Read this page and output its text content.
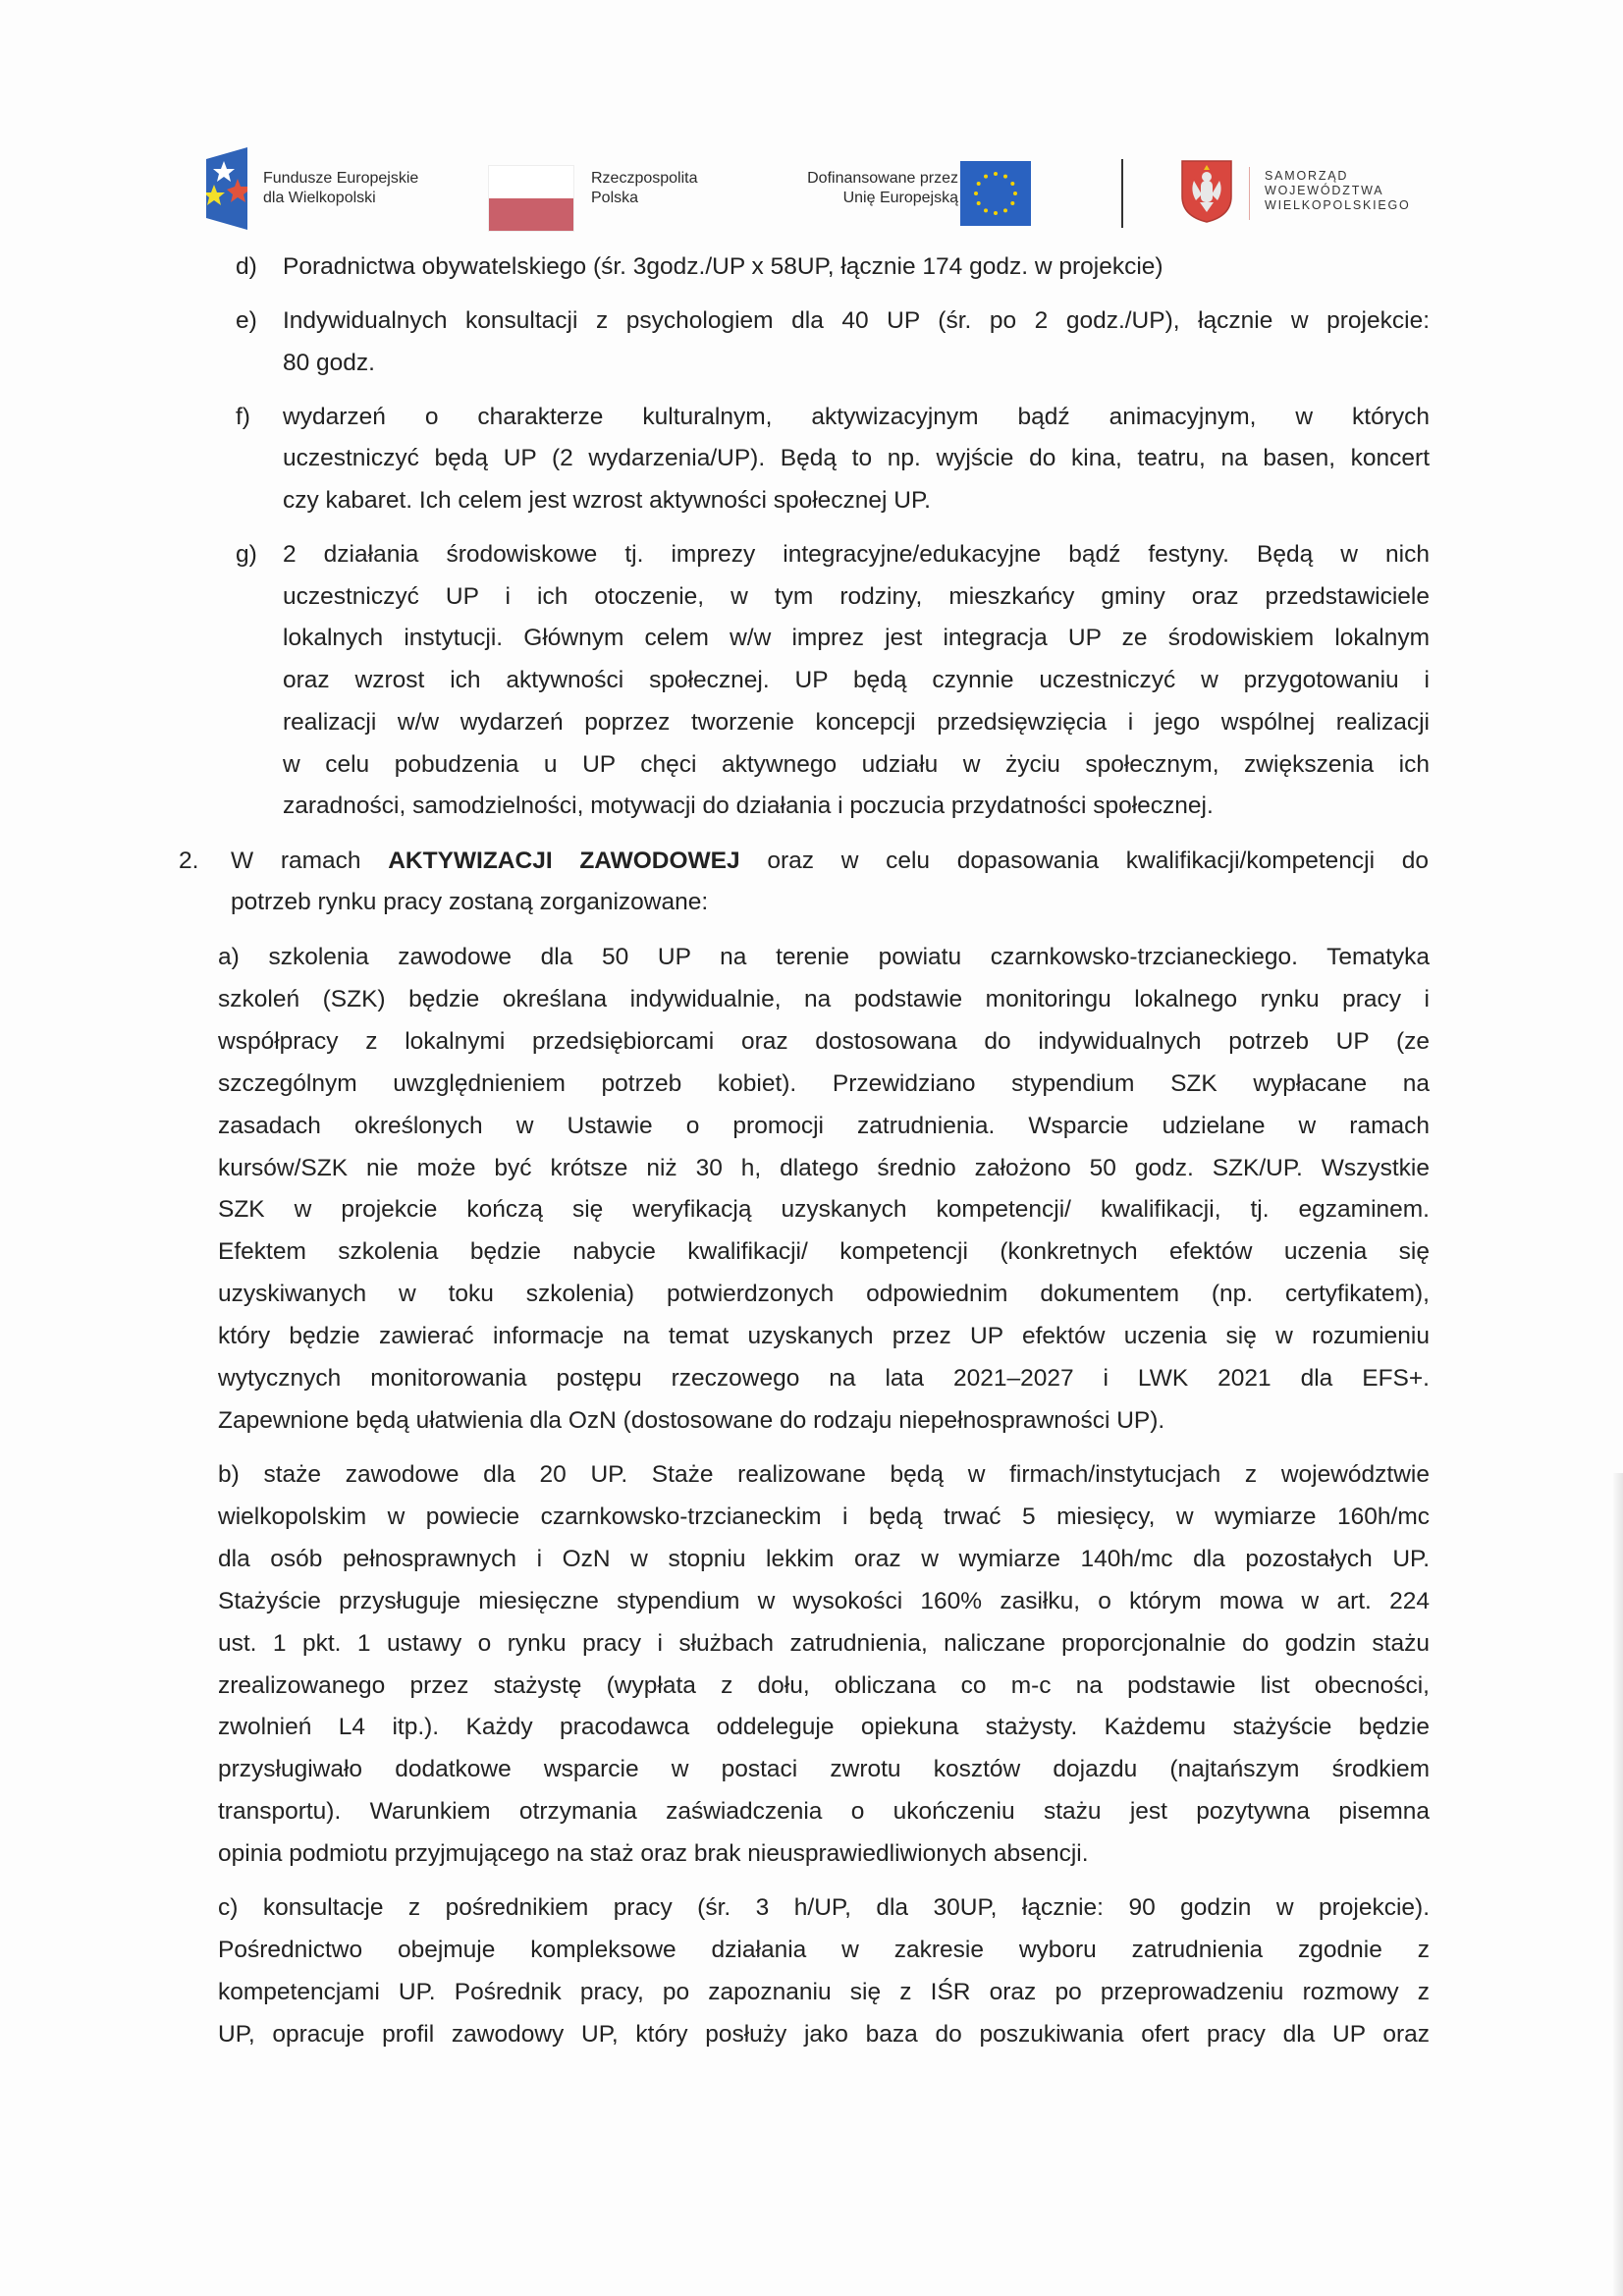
Fundusze Europejskie
dla Wielkopolski
Rzeczpospolita
Polska
Dofinansowane przez
Unię Europejską
SAMORZĄD
WOJEWÓDZTWA
WIELKOPOLSKIEGO
d) Poradnictwa obywatelskiego (śr. 3godz./UP x 58UP, łącznie 174 godz. w projekcie)
e) Indywidualnych konsultacji z psychologiem dla 40 UP (śr. po 2 godz./UP), łącznie w projekcie:
80 godz.
f) wydarzeń o charakterze kulturalnym, aktywizacyjnym bądź animacyjnym, w których
uczestniczyć będą UP (2 wydarzenia/UP). Będą to np. wyjście do kina, teatru, na basen, koncert
czy kabaret. Ich celem jest wzrost aktywności społecznej UP.
g) 2 działania środowiskowe tj. imprezy integracyjne/edukacyjne bądź festyny. Będą w nich
uczestniczyć UP i ich otoczenie, w tym rodziny, mieszkańcy gminy oraz przedstawiciele
lokalnych instytucji. Głównym celem w/w imprez jest integracja UP ze środowiskiem lokalnym
oraz wzrost ich aktywności społecznej. UP będą czynnie uczestniczyć w przygotowaniu i
realizacji w/w wydarzeń poprzez tworzenie koncepcji przedsięwzięcia i jego wspólnej realizacji
w celu pobudzenia u UP chęci aktywnego udziału w życiu społecznym, zwiększenia ich
zaradności, samodzielności, motywacji do działania i poczucia przydatności społecznej.
2. W ramach AKTYWIZACJI ZAWODOWEJ oraz w celu dopasowania kwalifikacji/kompetencji do
potrzeb rynku pracy zostaną zorganizowane:
a) szkolenia zawodowe dla 50 UP na terenie powiatu czarnkowsko-trzcianeckiego. Tematyka
szkoleń (SZK) będzie określana indywidualnie, na podstawie monitoringu lokalnego rynku pracy i
współpracy z lokalnymi przedsiębiorcami oraz dostosowana do indywidualnych potrzeb UP (ze
szczególnym uwzględnieniem potrzeb kobiet). Przewidziano stypendium SZK wypłacane na
zasadach określonych w Ustawie o promocji zatrudnienia. Wsparcie udzielane w ramach
kursów/SZK nie może być krótsze niż 30 h, dlatego średnio założono 50 godz. SZK/UP. Wszystkie
SZK w projekcie kończą się weryfikacją uzyskanych kompetencji/ kwalifikacji, tj. egzaminem.
Efektem szkolenia będzie nabycie kwalifikacji/ kompetencji (konkretnych efektów uczenia się
uzyskiwanych w toku szkolenia) potwierdzonych odpowiednim dokumentem (np. certyfikatem),
który będzie zawierać informacje na temat uzyskanych przez UP efektów uczenia się w rozumieniu
wytycznych monitorowania postępu rzeczowego na lata 2021–2027 i LWK 2021 dla EFS+.
Zapewnione będą ułatwienia dla OzN (dostosowane do rodzaju niepełnosprawności UP).
b) staże zawodowe dla 20 UP. Staże realizowane będą w firmach/instytucjach z województwie
wielkopolskim w powiecie czarnkowsko-trzcianeckim i będą trwać 5 miesięcy, w wymiarze 160h/mc
dla osób pełnosprawnych i OzN w stopniu lekkim oraz w wymiarze 140h/mc dla pozostałych UP.
Stażyście przysługuje miesięczne stypendium w wysokości 160% zasiłku, o którym mowa w art. 224
ust. 1 pkt. 1 ustawy o rynku pracy i służbach zatrudnienia, naliczane proporcjonalnie do godzin stażu
zrealizowanego przez stażystę (wypłata z dołu, obliczana co m-c na podstawie list obecności,
zwolnień L4 itp.). Każdy pracodawca oddeleguje opiekuna stażysty. Każdemu stażyście będzie
przysługiwało dodatkowe wsparcie w postaci zwrotu kosztów dojazdu (najtańszym środkiem
transportu). Warunkiem otrzymania zaświadczenia o ukończeniu stażu jest pozytywna pisemna
opinia podmiotu przyjmującego na staż oraz brak nieusprawiedliwionych absencji.
c) konsultacje z pośrednikiem pracy (śr. 3 h/UP, dla 30UP, łącznie: 90 godzin w projekcie).
Pośrednictwo obejmuje kompleksowe działania w zakresie wyboru zatrudnienia zgodnie z
kompetencjami UP. Pośrednik pracy, po zapoznaniu się z IŚR oraz po przeprowadzeniu rozmowy z
UP, opracuje profil zawodowy UP, który posłuży jako baza do poszukiwania ofert pracy dla UP oraz
